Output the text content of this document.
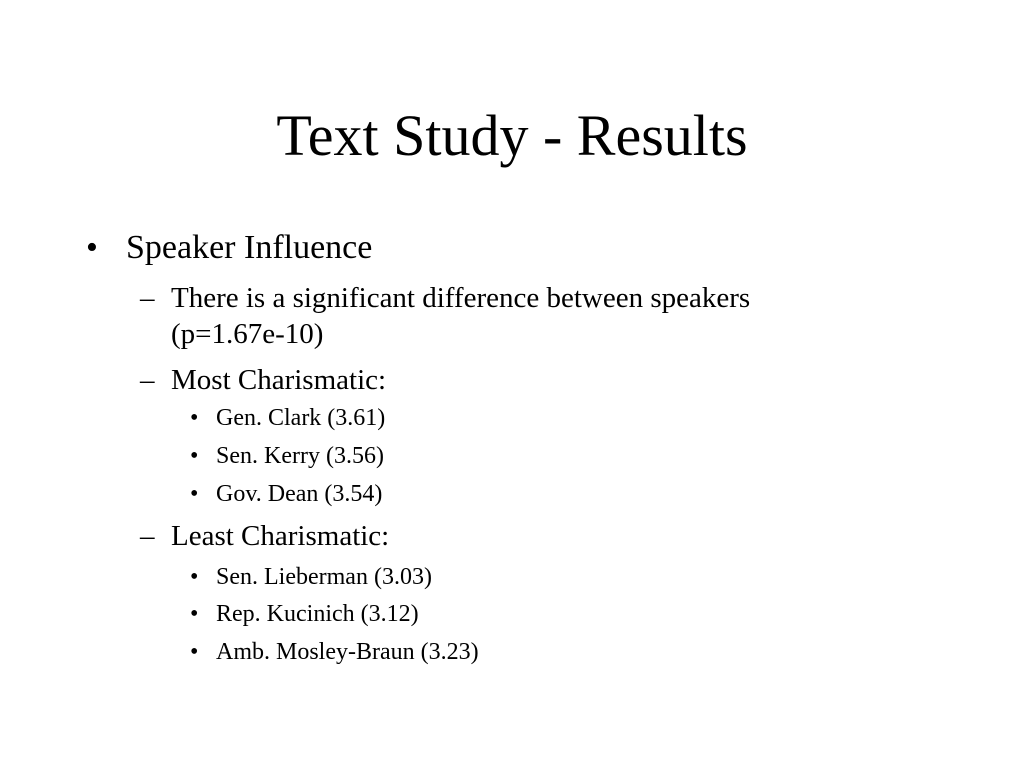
Text Study - Results
• Speaker Influence
– There is a significant difference between speakers
(p=1.67e-10)
– Most Charismatic:
• Gen. Clark (3.61)
• Sen. Kerry (3.56)
• Gov. Dean (3.54)
– Least Charismatic:
• Sen. Lieberman (3.03)
• Rep. Kucinich (3.12)
• Amb. Mosley-Braun (3.23)
